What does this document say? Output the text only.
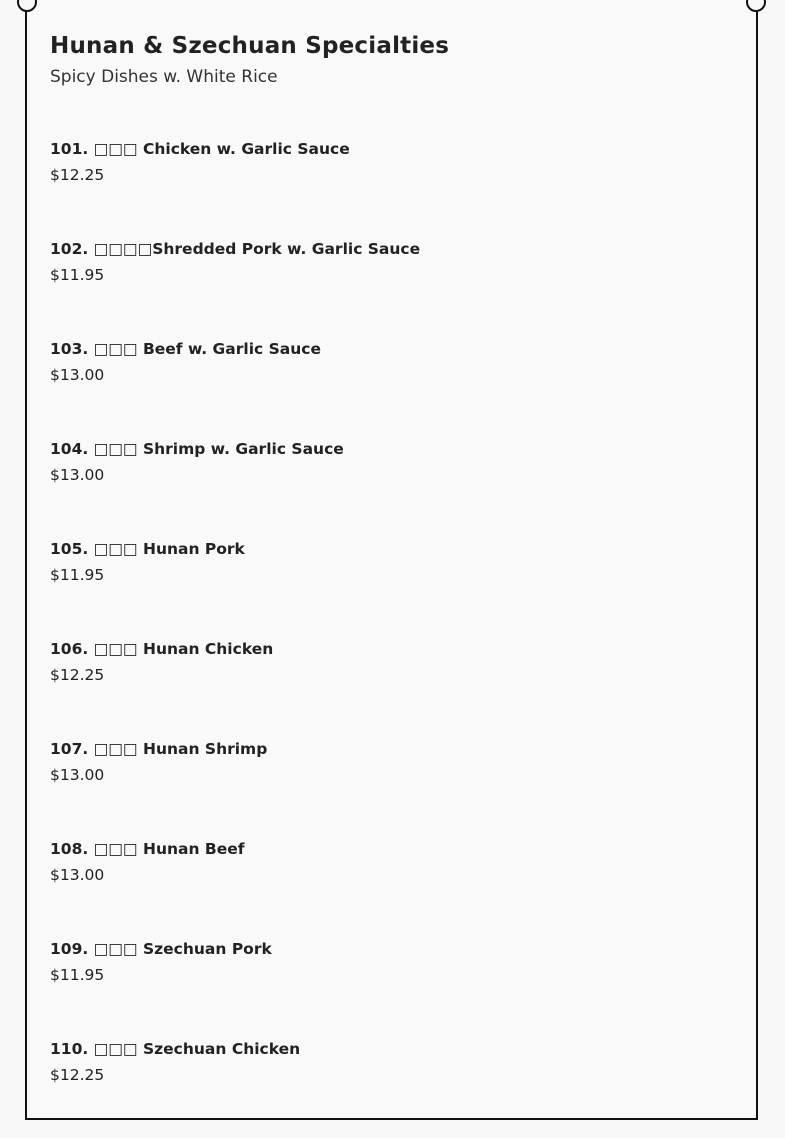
Hunan & Szechuan Specialties
Spicy Dishes w. White Rice
101. □□□ Chicken w. Garlic Sauce
$12.25
102. □□□□Shredded Pork w. Garlic Sauce
$11.95
103. □□□ Beef w. Garlic Sauce
$13.00
104. □□□ Shrimp w. Garlic Sauce
$13.00
105. □□□ Hunan Pork
$11.95
106. □□□ Hunan Chicken
$12.25
107. □□□ Hunan Shrimp
$13.00
108. □□□ Hunan Beef
$13.00
109. □□□ Szechuan Pork
$11.95
110. □□□ Szechuan Chicken
$12.25
